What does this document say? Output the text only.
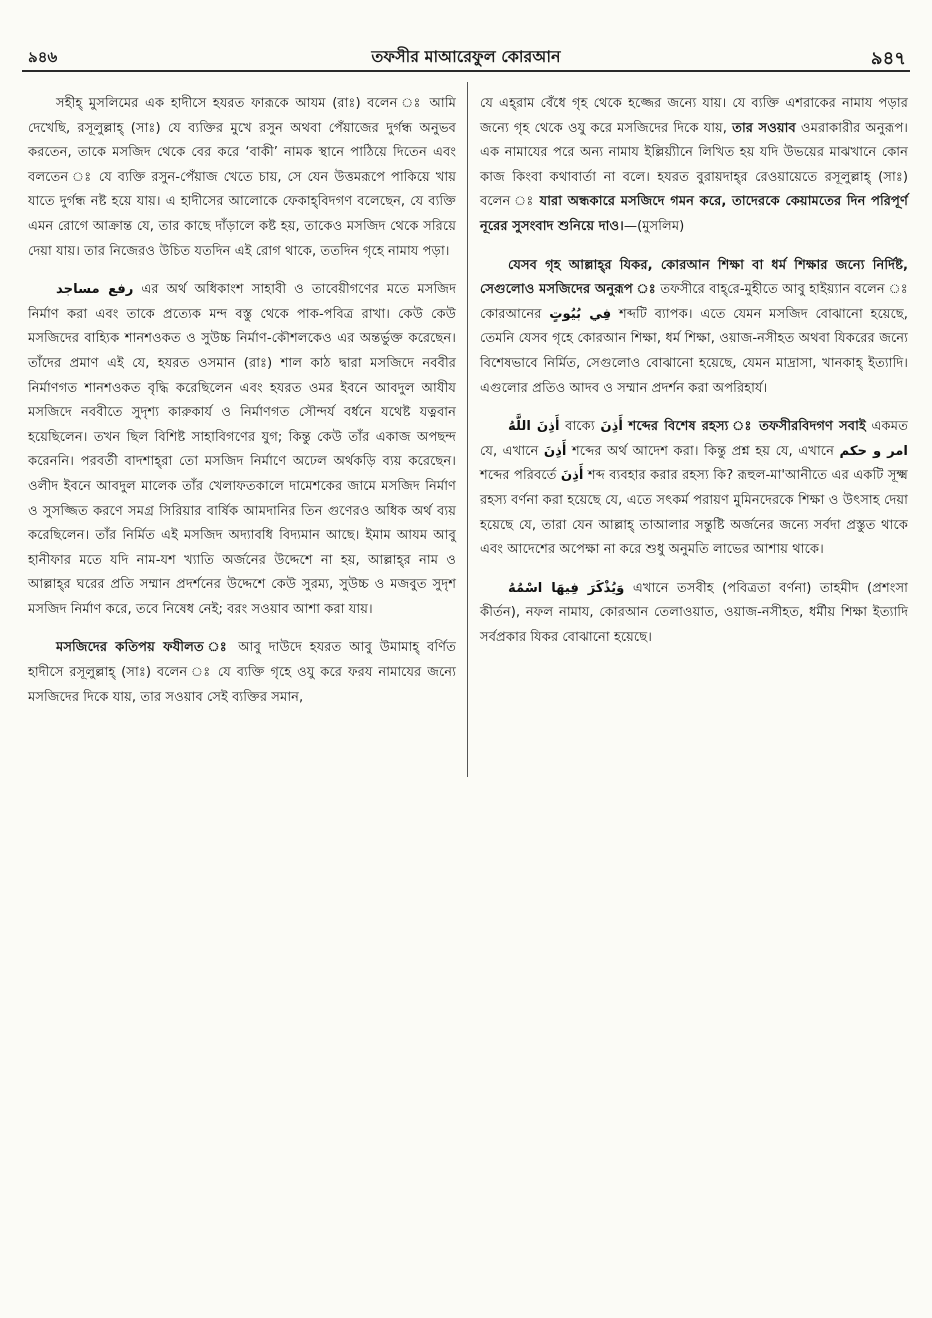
৯৪৬	তফসীর মাআরেফুল কোরআন	৯৪৭

সহীহ্ মুসলিমের এক হাদীসে হযরত ফারূকে আযম (রাঃ) বলেন ঃ আমি দেখেছি, রসূলুল্লাহ্ (সাঃ) যে ব্যক্তির মুখে রসুন অথবা পেঁয়াজের দুর্গন্ধ অনুভব করতেন, তাকে মসজিদ থেকে বের করে ‘বাকী’ নামক স্থানে পাঠিয়ে দিতেন এবং বলতেন ঃ যে ব্যক্তি রসুন-পেঁয়াজ খেতে চায়, সে যেন উত্তমরূপে পাকিয়ে খায় যাতে দুর্গন্ধ নষ্ট হয়ে যায়। এ হাদীসের আলোকে ফেকাহ্‌বিদগণ বলেছেন, যে ব্যক্তি এমন রোগে আক্রান্ত যে, তার কাছে দাঁড়ালে কষ্ট হয়, তাকেও মসজিদ থেকে সরিয়ে দেয়া যায়। তার নিজেরও উচিত যতদিন এই রোগ থাকে, ততদিন গৃহে নামায পড়া।

رفع مساجد এর অর্থ অধিকাংশ সাহাবী ও তাবেয়ীগণের মতে মসজিদ নির্মাণ করা এবং তাকে প্রত্যেক মন্দ বস্তু থেকে পাক-পবিত্র রাখা। কেউ কেউ মসজিদের বাহ্যিক শানশওকত ও সুউচ্চ নির্মাণ-কৌশলকেও এর অন্তর্ভুক্ত করেছেন। তাঁদের প্রমাণ এই যে, হযরত ওসমান (রাঃ) শাল কাঠ দ্বারা মসজিদে নববীর নির্মাণগত শানশওকত বৃদ্ধি করেছিলেন এবং হযরত ওমর ইবনে আবদুল আযীয মসজিদে নববীতে সুদৃশ্য কারুকার্য ও নির্মাণগত সৌন্দর্য বর্ধনে যথেষ্ট যত্নবান হয়েছিলেন। তখন ছিল বিশিষ্ট সাহাবিগণের যুগ; কিন্তু কেউ তাঁর একাজ অপছন্দ করেননি। পরবর্তী বাদশাহ্‌রা তো মসজিদ নির্মাণে অঢেল অর্থকড়ি ব্যয় করেছেন। ওলীদ ইবনে আবদুল মালেক তাঁর খেলাফতকালে দামেশকের জামে মসজিদ নির্মাণ ও সুসজ্জিত করণে সমগ্র সিরিয়ার বার্ষিক আমদানির তিন গুণেরও অধিক অর্থ ব্যয় করেছিলেন। তাঁর নির্মিত এই মসজিদ অদ্যাবধি বিদ্যমান আছে। ইমাম আযম আবু হানীফার মতে যদি নাম-যশ খ্যাতি অর্জনের উদ্দেশে না হয়, আল্লাহ্‌র নাম ও আল্লাহ্‌র ঘরের প্রতি সম্মান প্রদর্শনের উদ্দেশে কেউ সুরম্য, সুউচ্চ ও মজবুত সুদৃশ মসজিদ নির্মাণ করে, তবে নিষেধ নেই; বরং সওয়াব আশা করা যায়।

মসজিদের কতিপয় ফযীলত ঃ আবু দাউদে হযরত আবু উমামাহ্ বর্ণিত হাদীসে রসূলুল্লাহ্ (সাঃ) বলেন ঃ যে ব্যক্তি গৃহে ওযু করে ফরয নামাযের জন্যে মসজিদের দিকে যায়, তার সওয়াব সেই ব্যক্তির সমান,

যে এহ্‌রাম বেঁধে গৃহ থেকে হজ্জের জন্যে যায়। যে ব্যক্তি এশরাকের নামায পড়ার জন্যে গৃহ থেকে ওযু করে মসজিদের দিকে যায়, তার সওয়াব ওমরাকারীর অনুরূপ। এক নামাযের পরে অন্য নামায ইল্লিয়্যীনে লিখিত হয় যদি উভয়ের মাঝখানে কোন কাজ কিংবা কথাবার্তা না বলে। হযরত বুরায়দাহ্‌র রেওয়ায়েতে রসূলুল্লাহ্ (সাঃ) বলেন ঃ যারা অন্ধকারে মসজিদে গমন করে, তাদেরকে কেয়ামতের দিন পরিপূর্ণ নূরের সুসংবাদ শুনিয়ে দাও।—(মুসলিম)

যেসব গৃহ আল্লাহ্‌র যিকর, কোরআন শিক্ষা বা ধর্ম শিক্ষার জন্যে নির্দিষ্ট, সেগুলোও মসজিদের অনুরূপ ঃ তফসীরে বাহ্‌রে-মুহীতে আবু হাইয়্যান বলেন ঃ কোরআনের فِي بُيُوتٍ শব্দটি ব্যাপক। এতে যেমন মসজিদ বোঝানো হয়েছে, তেমনি যেসব গৃহে কোরআন শিক্ষা, ধর্ম শিক্ষা, ওয়াজ-নসীহত অথবা যিকরের জন্যে বিশেষভাবে নির্মিত, সেগুলোও বোঝানো হয়েছে, যেমন মাদ্রাসা, খানকাহ্ ইত্যাদি। এগুলোর প্রতিও আদব ও সম্মান প্রদর্শন করা অপরিহার্য।

أَذِنَ اللَّهُ বাক্যে أَذِنَ শব্দের বিশেষ রহস্য ঃ তফসীরবিদগণ সবাই একমত যে, এখানে أَذِنَ শব্দের অর্থ আদেশ করা। কিন্তু প্রশ্ন হয় যে, এখানে امر و حكم শব্দের পরিবর্তে أَذِنَ শব্দ ব্যবহার করার রহস্য কি? রূহুল-মা'আনীতে এর একটি সূক্ষ্ম রহস্য বর্ণনা করা হয়েছে যে, এতে সৎকর্ম পরায়ণ মুমিনদেরকে শিক্ষা ও উৎসাহ দেয়া হয়েছে যে, তারা যেন আল্লাহ্ তাআলার সন্তুষ্টি অর্জনের জন্যে সর্বদা প্রস্তুত থাকে এবং আদেশের অপেক্ষা না করে শুধু অনুমতি লাভের আশায় থাকে।

وَيُذْكَرَ فِيهَا اسْمُهُ এখানে তসবীহ (পবিত্রতা বর্ণনা) তাহমীদ (প্রশংসা কীর্তন), নফল নামায, কোরআন তেলাওয়াত, ওয়াজ-নসীহত, ধর্মীয় শিক্ষা ইত্যাদি সর্বপ্রকার যিকর বোঝানো হয়েছে।
